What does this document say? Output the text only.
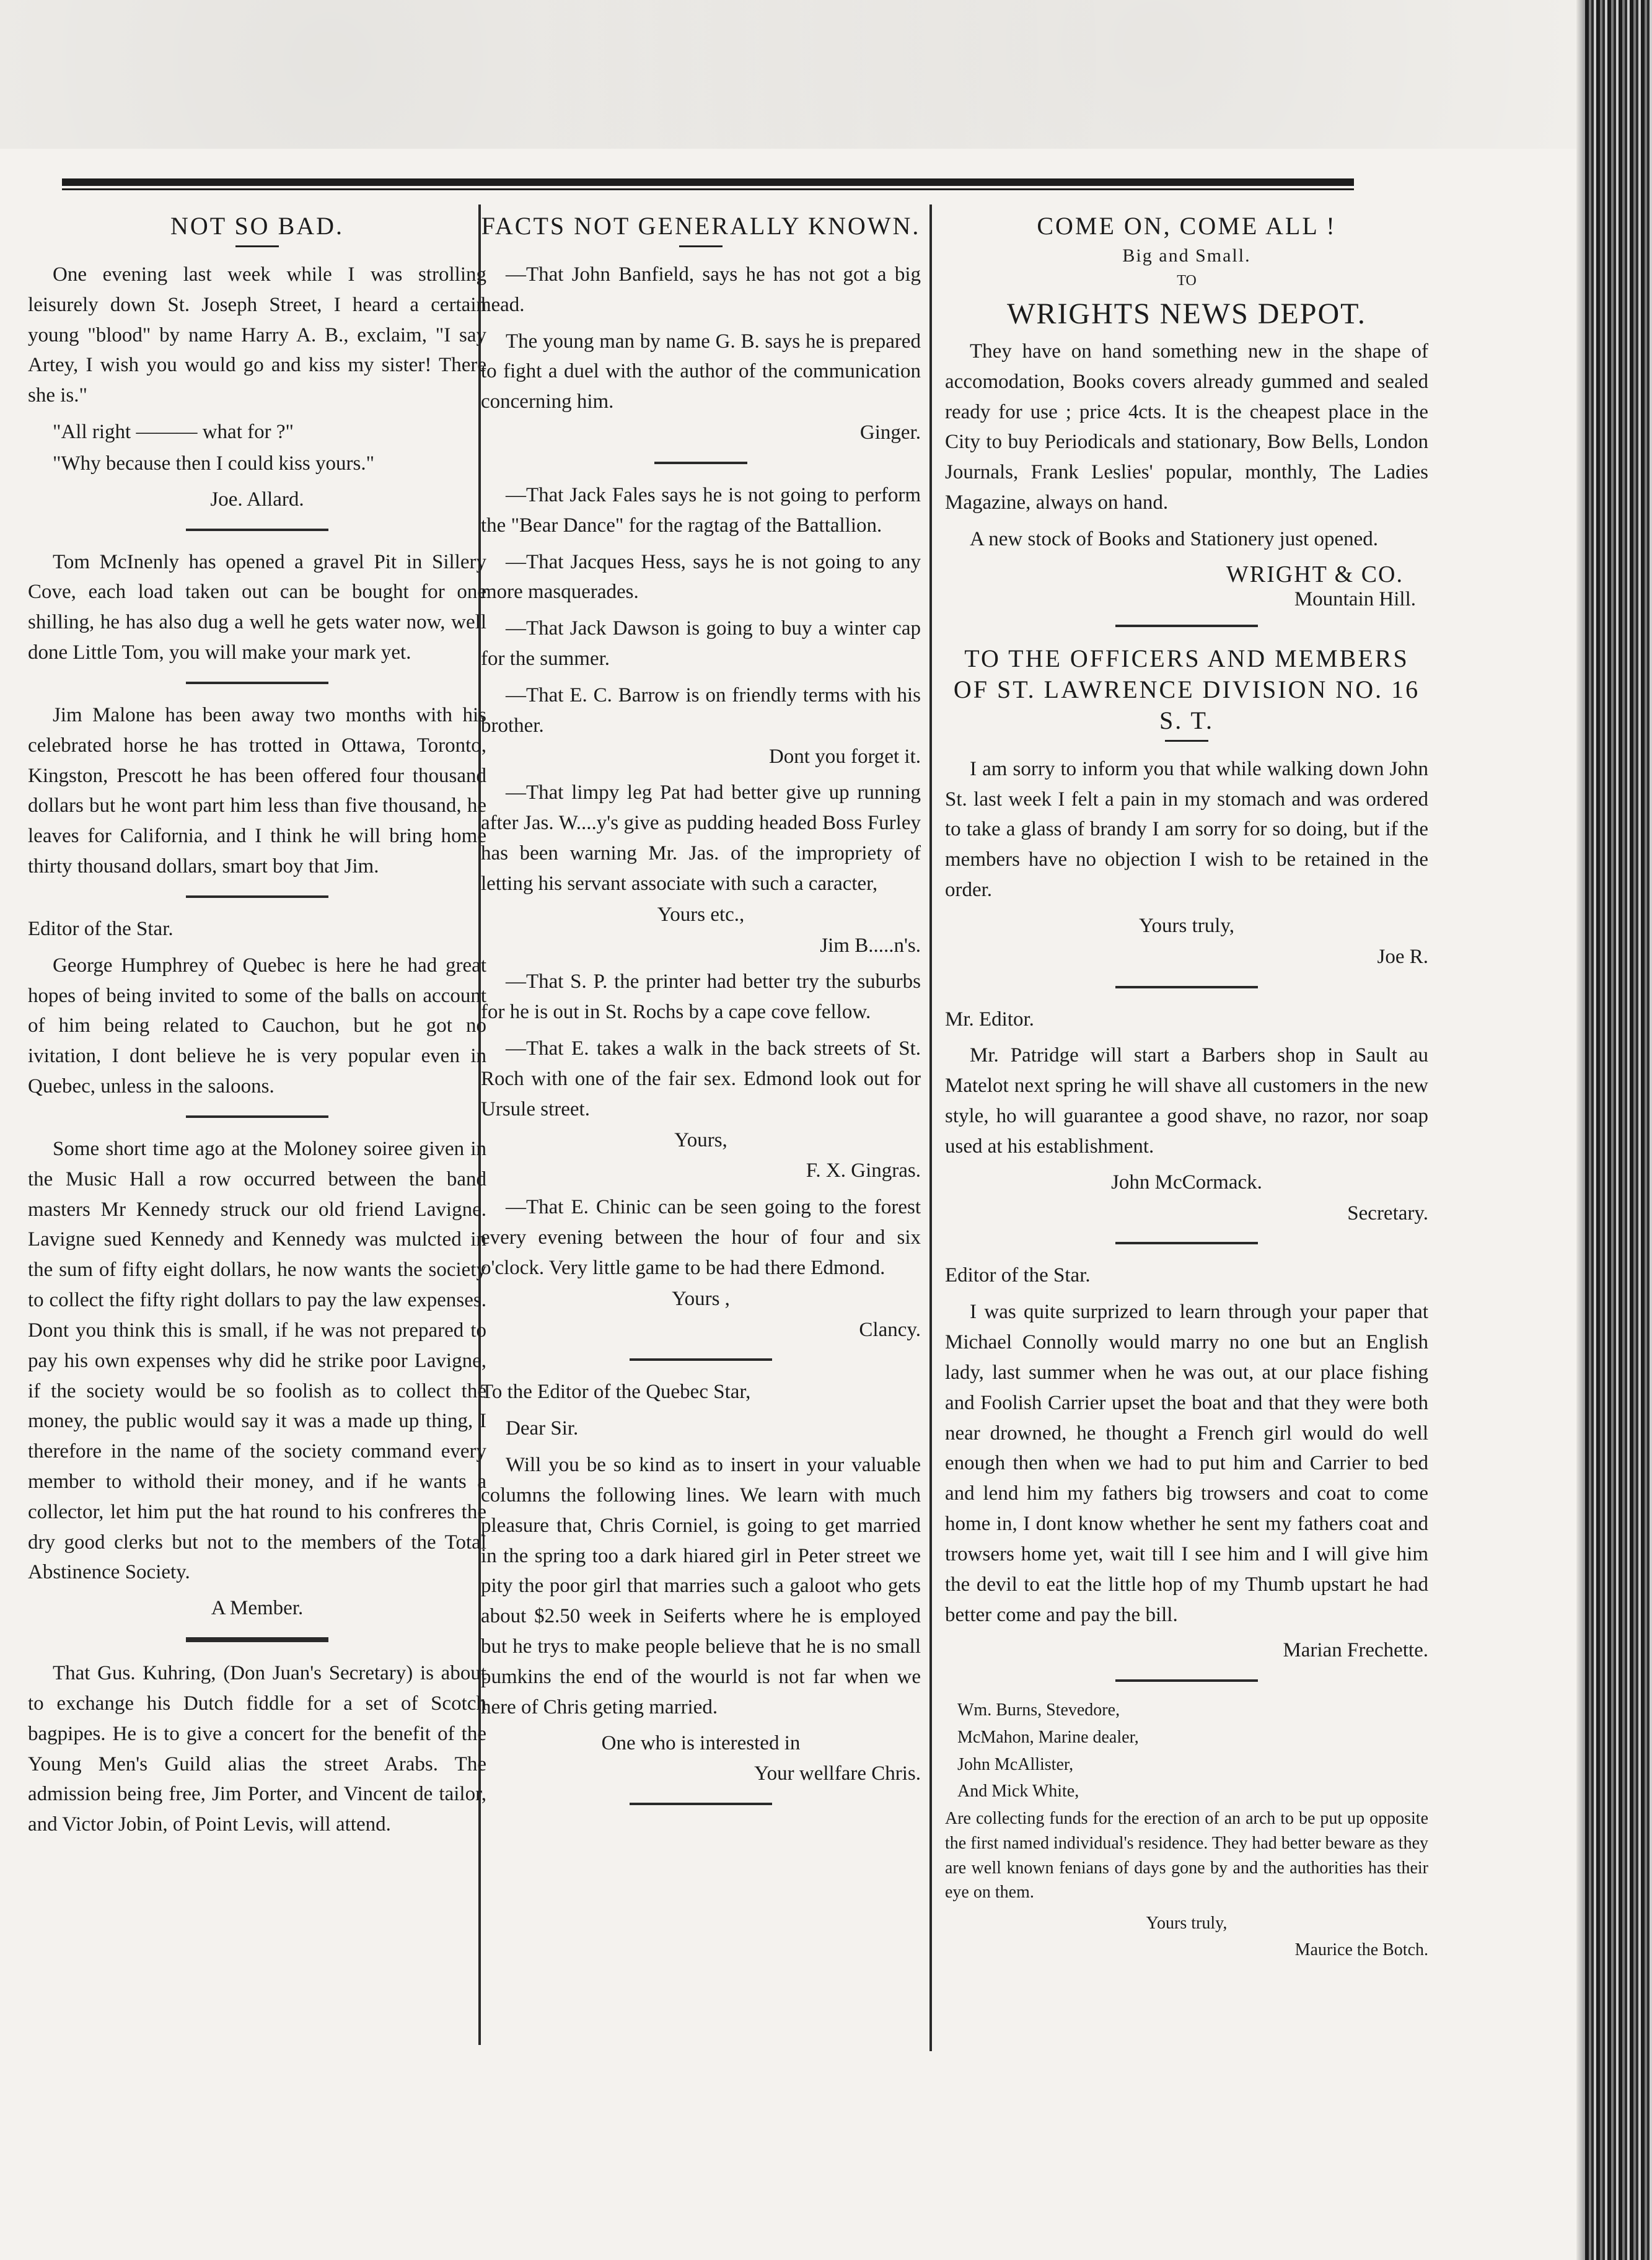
NOT SO BAD.

One evening last week while I was strolling leisurely down St. Joseph Street, I heard a certain young "blood" by name Harry A. B., exclaim, "I say Artey, I wish you would go and kiss my sister! There she is."

"All right ——— what for ?"

"Why because then I could kiss yours."

Joe. Allard.

Tom McInenly has opened a gravel Pit in Sillery Cove, each load taken out can be bought for one shilling, he has also dug a well he gets water now, well done Little Tom, you will make your mark yet.

Jim Malone has been away two months with his celebrated horse he has trotted in Ottawa, Toronto, Kingston, Prescott he has been offered four thousand dollars but he wont part him less than five thousand, he leaves for California, and I think he will bring home thirty thousand dollars, smart boy that Jim.

Editor of the Star.

George Humphrey of Quebec is here he had great hopes of being invited to some of the balls on account of him being related to Cauchon, but he got no ivitation, I dont believe he is very popular even in Quebec, unless in the saloons.

Some short time ago at the Moloney soiree given in the Music Hall a row occurred between the band masters Mr Kennedy struck our old friend Lavigne. Lavigne sued Kennedy and Kennedy was mulcted in the sum of fifty eight dollars, he now wants the society to collect the fifty right dollars to pay the law expenses. Dont you think this is small, if he was not prepared to pay his own expenses why did he strike poor Lavigne, if the society would be so foolish as to collect the money, the public would say it was a made up thing, I therefore in the name of the society command every member to withold their money, and if he wants a collector, let him put the hat round to his confreres the dry good clerks but not to the members of the Total Abstinence Society.

A Member.

That Gus. Kuhring, (Don Juan's Secretary) is about to exchange his Dutch fiddle for a set of Scotch bagpipes. He is to give a concert for the benefit of the Young Men's Guild alias the street Arabs. The admission being free, Jim Porter, and Vincent de tailor, and Victor Jobin, of Point Levis, will attend.

FACTS NOT GENERALLY KNOWN.

—That John Banfield, says he has not got a big head.

The young man by name G. B. says he is prepared to fight a duel with the author of the communication concerning him.

Ginger.

—That Jack Fales says he is not going to perform the "Bear Dance" for the ragtag of the Battallion.

—That Jacques Hess, says he is not going to any more masquerades.

—That Jack Dawson is going to buy a winter cap for the summer.

—That E. C. Barrow is on friendly terms with his brother.

Dont you forget it.

—That limpy leg Pat had better give up running after Jas. W....y's give as pudding headed Boss Furley has been warning Mr. Jas. of the impropriety of letting his servant associate with such a caracter,

Yours etc.,
Jim B.....n's.

—That S. P. the printer had better try the suburbs for he is out in St. Rochs by a cape cove fellow.

—That E. takes a walk in the back streets of St. Roch with one of the fair sex. Edmond look out for Ursule street.

Yours,
F. X. Gingras.

—That E. Chinic can be seen going to the forest every evening between the hour of four and six o'clock. Very little game to be had there Edmond.

Yours ,
Clancy.

To the Editor of the Quebec Star,

Dear Sir.

Will you be so kind as to insert in your valuable columns the following lines. We learn with much pleasure that, Chris Corniel, is going to get married in the spring too a dark hiared girl in Peter street we pity the poor girl that marries such a galoot who gets about $2.50 week in Seiferts where he is employed but he trys to make people believe that he is no small pumkins the end of the wourld is not far when we here of Chris geting married.

One who is interested in
Your wellfare Chris.
COME ON, COME ALL !
Big and Small.
TO
WRIGHTS NEWS DEPOT.

They have on hand something new in the shape of accomodation, Books covers already gummed and sealed ready for use ; price 4cts. It is the cheapest place in the City to buy Periodicals and stationary, Bow Bells, London Journals, Frank Leslies' popular, monthly, The Ladies Magazine, always on hand.

A new stock of Books and Stationery just opened.

WRIGHT & CO.
Mountain Hill.
TO THE OFFICERS AND MEMBERS OF ST. LAWRENCE DIVISION NO. 16 S. T.

I am sorry to inform you that while walking down John St. last week I felt a pain in my stomach and was ordered to take a glass of brandy I am sorry for so doing, but if the members have no objection I wish to be retained in the order.

Yours truly,
Joe R.

Mr. Editor.

Mr. Patridge will start a Barbers shop in Sault au Matelot next spring he will shave all customers in the new style, ho will guarantee a good shave, no razor, nor soap used at his establishment.

John McCormack.
Secretary.

Editor of the Star.

I was quite surprized to learn through your paper that Michael Connolly would marry no one but an English lady, last summer when he was out, at our place fishing and Foolish Carrier upset the boat and that they were both near drowned, he thought a French girl would do well enough then when we had to put him and Carrier to bed and lend him my fathers big trowsers and coat to come home in, I dont know whether he sent my fathers coat and trowsers home yet, wait till I see him and I will give him the devil to eat the little hop of my Thumb upstart he had better come and pay the bill.

Marian Frechette.
Wm. Burns, Stevedore,
McMahon, Marine dealer,
John McAllister,
And Mick White,

Are collecting funds for the erection of an arch to be put up opposite the first named individual's residence. They had better beware as they are well known fenians of days gone by and the authorities has their eye on them.

Yours truly,
Maurice the Botch.
